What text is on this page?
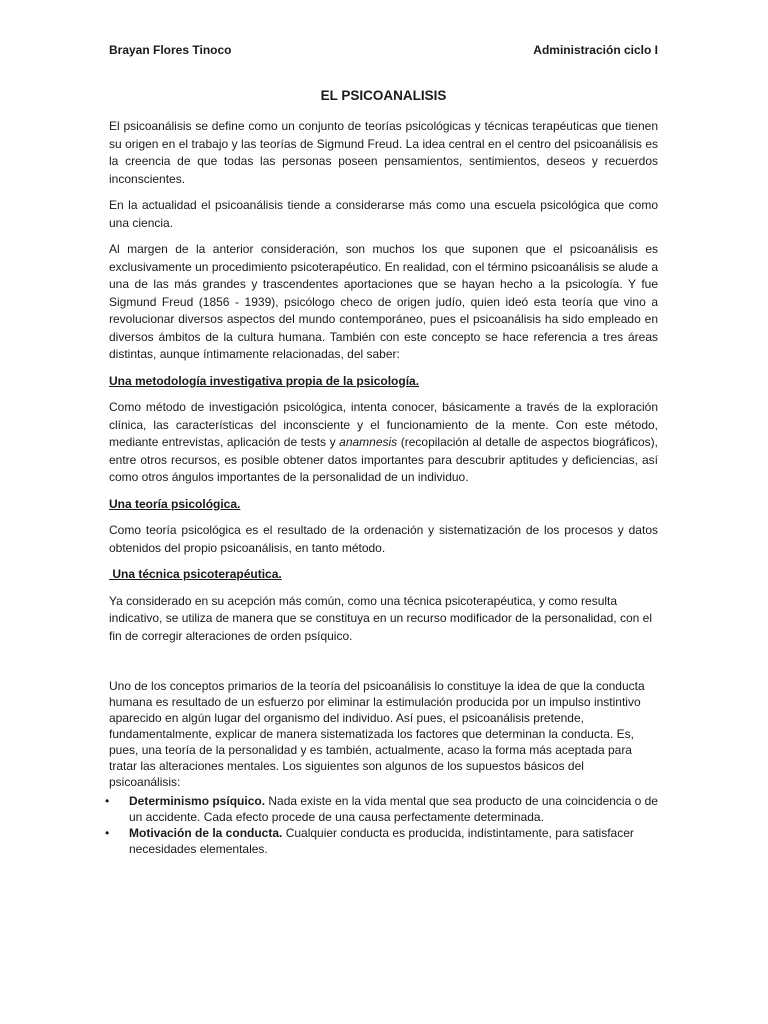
Brayan Flores Tinoco	Administración ciclo I
EL PSICOANALISIS

El psicoanálisis se define como un conjunto de teorías psicológicas y técnicas terapéuticas que tienen su origen en el trabajo y las teorías de Sigmund Freud. La idea central en el centro del psicoanálisis es la creencia de que todas las personas poseen pensamientos, sentimientos, deseos y recuerdos inconscientes.

En la actualidad el psicoanálisis tiende a considerarse más como una escuela psicológica que como una ciencia.

Al margen de la anterior consideración, son muchos los que suponen que el psicoanálisis es exclusivamente un procedimiento psicoterapéutico. En realidad, con el término psicoanálisis se alude a una de las más grandes y trascendentes aportaciones que se hayan hecho a la psicología. Y fue Sigmund Freud (1856 - 1939), psicólogo checo de origen judío, quien ideó esta teoría que vino a revolucionar diversos aspectos del mundo contemporáneo, pues el psicoanálisis ha sido empleado en diversos ámbitos de la cultura humana. También con este concepto se hace referencia a tres áreas distintas, aunque íntimamente relacionadas, del saber:

Una metodología investigativa propia de la psicología.

Como método de investigación psicológica, intenta conocer, básicamente a través de la exploración clínica, las características del inconsciente y el funcionamiento de la mente. Con este método, mediante entrevistas, aplicación de tests y anamnesis (recopilación al detalle de aspectos biográficos), entre otros recursos, es posible obtener datos importantes para descubrir aptitudes y deficiencias, así como otros ángulos importantes de la personalidad de un individuo.

Una teoría psicológica.

Como teoría psicológica es el resultado de la ordenación y sistematización de los procesos y datos obtenidos del propio psicoanálisis, en tanto método.

Una técnica psicoterapéutica.

Ya considerado en su acepción más común, como una técnica psicoterapéutica, y como resulta indicativo, se utiliza de manera que se constituya en un recurso modificador de la personalidad, con el fin de corregir alteraciones de orden psíquico.

Uno de los conceptos primarios de la teoría del psicoanálisis lo constituye la idea de que la conducta humana es resultado de un esfuerzo por eliminar la estimulación producida por un impulso instintivo aparecido en algún lugar del organismo del individuo. Así pues, el psicoanálisis pretende, fundamentalmente, explicar de manera sistematizada los factores que determinan la conducta. Es, pues, una teoría de la personalidad y es también, actualmente, acaso la forma más aceptada para tratar las alteraciones mentales. Los siguientes son algunos de los supuestos básicos del psicoanálisis:

• Determinismo psíquico. Nada existe en la vida mental que sea producto de una coincidencia o de un accidente. Cada efecto procede de una causa perfectamente determinada.
• Motivación de la conducta. Cualquier conducta es producida, indistintamente, para satisfacer necesidades elementales.
